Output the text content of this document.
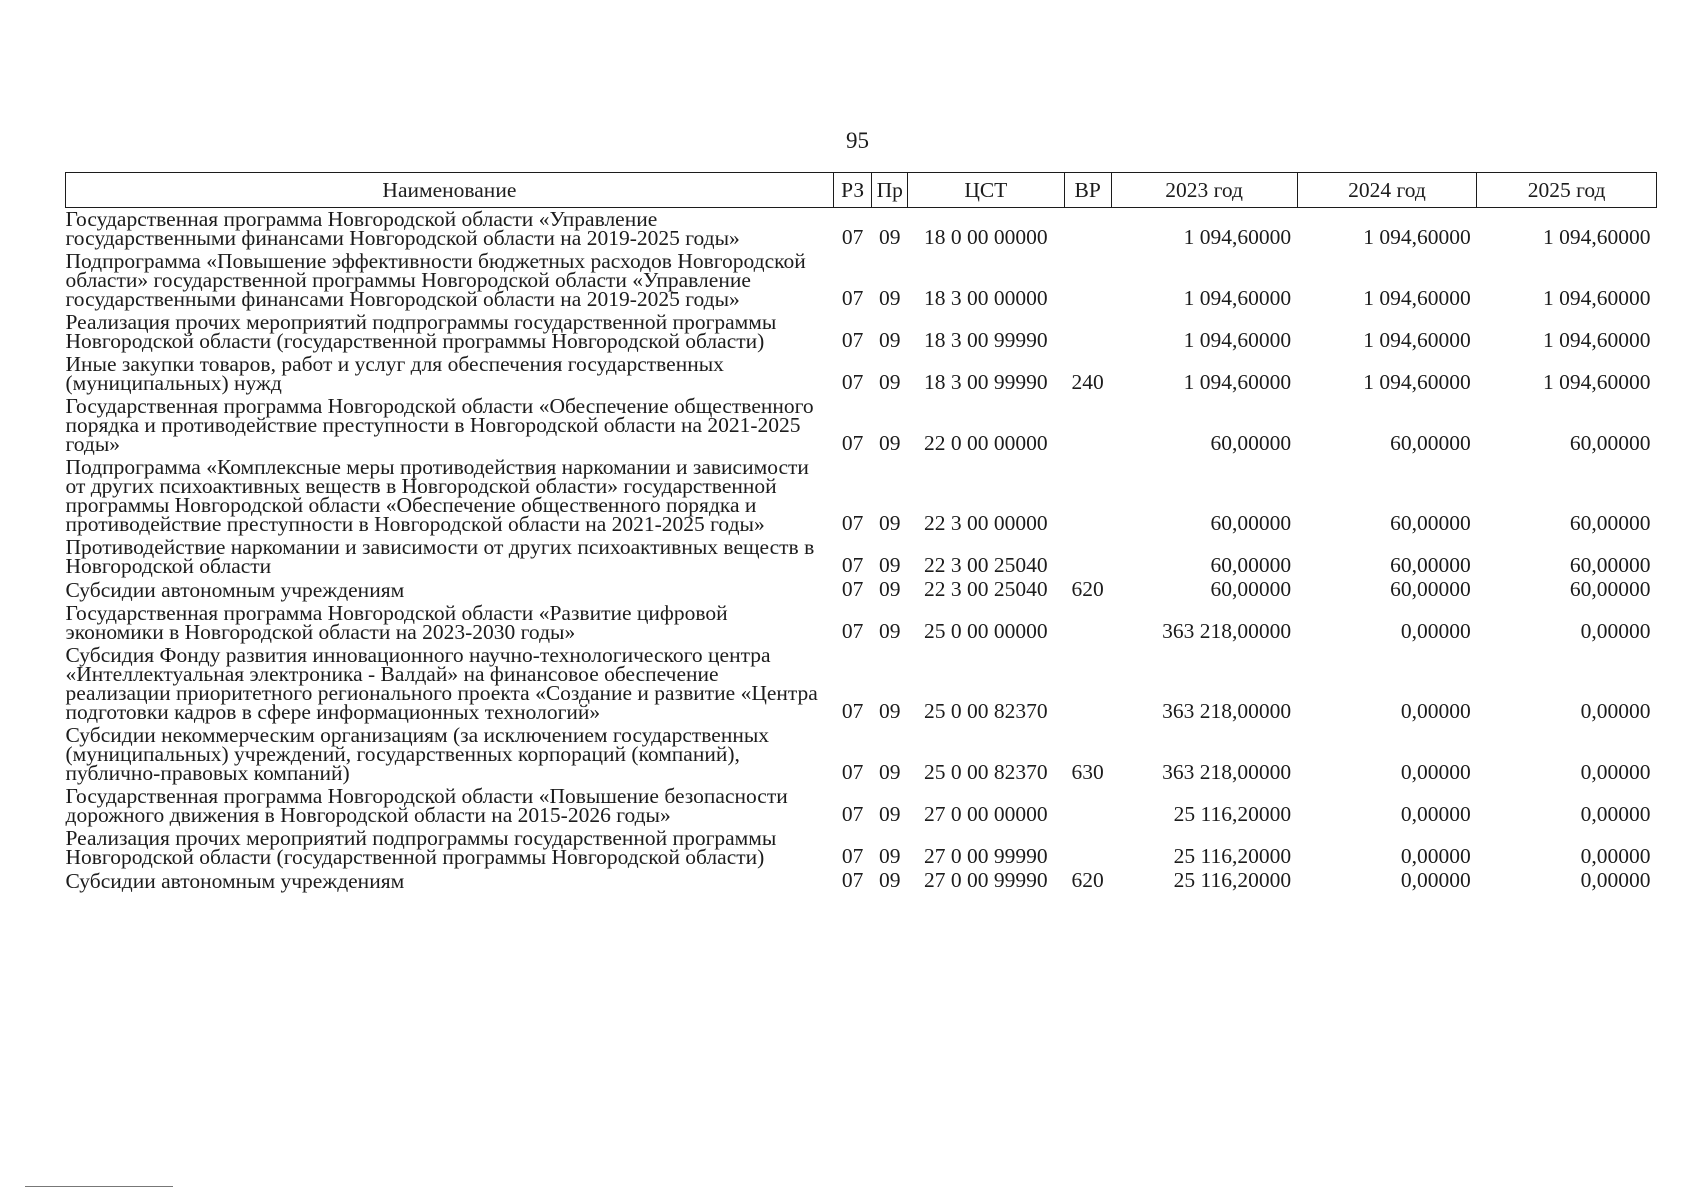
95
Наименование	РЗ	Пр	ЦСТ	ВР	2023 год	2024 год	2025 год
Государственная программа Новгородской области «Управление государственными финансами Новгородской области на 2019-2025 годы»	07	09	18 0 00 00000		1 094,60000	1 094,60000	1 094,60000
Подпрограмма «Повышение эффективности бюджетных расходов Новгородской области» государственной программы Новгородской области «Управление государственными финансами Новгородской области на 2019-2025 годы»	07	09	18 3 00 00000		1 094,60000	1 094,60000	1 094,60000
Реализация прочих мероприятий подпрограммы государственной программы Новгородской области (государственной программы Новгородской области)	07	09	18 3 00 99990		1 094,60000	1 094,60000	1 094,60000
Иные закупки товаров, работ и услуг для обеспечения государственных (муниципальных) нужд	07	09	18 3 00 99990	240	1 094,60000	1 094,60000	1 094,60000
Государственная программа Новгородской области «Обеспечение общественного порядка и противодействие преступности в Новгородской области на 2021-2025 годы»	07	09	22 0 00 00000		60,00000	60,00000	60,00000
Подпрограмма «Комплексные меры противодействия наркомании и зависимости от других психоактивных веществ в Новгородской области» государственной программы Новгородской области «Обеспечение общественного порядка и противодействие преступности в Новгородской области на 2021-2025 годы»	07	09	22 3 00 00000		60,00000	60,00000	60,00000
Противодействие наркомании и зависимости от других психоактивных веществ в Новгородской области	07	09	22 3 00 25040		60,00000	60,00000	60,00000
Субсидии автономным учреждениям	07	09	22 3 00 25040	620	60,00000	60,00000	60,00000
Государственная программа Новгородской области «Развитие цифровой экономики в Новгородской области на 2023-2030 годы»	07	09	25 0 00 00000		363 218,00000	0,00000	0,00000
Субсидия Фонду развития инновационного научно-технологического центра «Интеллектуальная электроника - Валдай» на финансовое обеспечение реализации приоритетного регионального проекта «Создание и развитие «Центра подготовки кадров в сфере информационных технологий»	07	09	25 0 00 82370		363 218,00000	0,00000	0,00000
Субсидии некоммерческим организациям (за исключением государственных (муниципальных) учреждений, государственных корпораций (компаний), публично-правовых компаний)	07	09	25 0 00 82370	630	363 218,00000	0,00000	0,00000
Государственная программа Новгородской области «Повышение безопасности дорожного движения в Новгородской области на 2015-2026 годы»	07	09	27 0 00 00000		25 116,20000	0,00000	0,00000
Реализация прочих мероприятий подпрограммы государственной программы Новгородской области (государственной программы Новгородской области)	07	09	27 0 00 99990		25 116,20000	0,00000	0,00000
Субсидии автономным учреждениям	07	09	27 0 00 99990	620	25 116,20000	0,00000	0,00000
